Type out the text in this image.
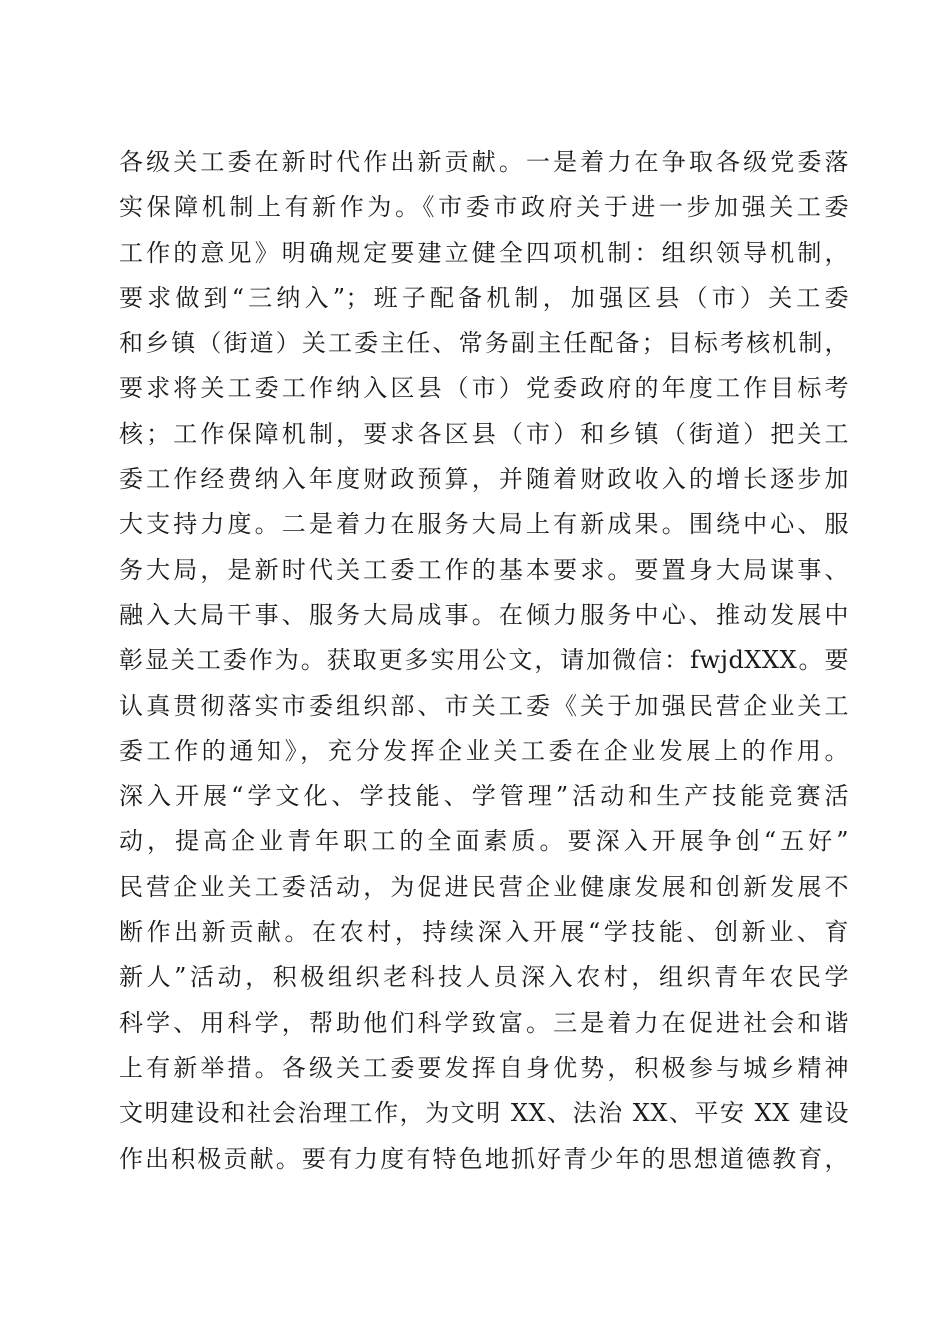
各级关工委在新时代作出新贡献。一是着力在争取各级党委落
实保障机制上有新作为。《市委市政府关于进一步加强关工委
工作的意见》明确规定要建立健全四项机制：组织领导机制，
要求做到“三纳入”；班子配备机制，加强区县（市）关工委
和乡镇（街道）关工委主任、常务副主任配备；目标考核机制，
要求将关工委工作纳入区县（市）党委政府的年度工作目标考
核；工作保障机制，要求各区县（市）和乡镇（街道）把关工
委工作经费纳入年度财政预算，并随着财政收入的增长逐步加
大支持力度。二是着力在服务大局上有新成果。围绕中心、服
务大局，是新时代关工委工作的基本要求。要置身大局谋事、
融入大局干事、服务大局成事。在倾力服务中心、推动发展中
彰显关工委作为。获取更多实用公文，请加微信：fwjdXXX。要
认真贯彻落实市委组织部、市关工委《关于加强民营企业关工
委工作的通知》，充分发挥企业关工委在企业发展上的作用。
深入开展“学文化、学技能、学管理”活动和生产技能竞赛活
动，提高企业青年职工的全面素质。要深入开展争创“五好”
民营企业关工委活动，为促进民营企业健康发展和创新发展不
断作出新贡献。在农村，持续深入开展“学技能、创新业、育
新人”活动，积极组织老科技人员深入农村，组织青年农民学
科学、用科学，帮助他们科学致富。三是着力在促进社会和谐
上有新举措。各级关工委要发挥自身优势，积极参与城乡精神
文明建设和社会治理工作，为文明 XX、法治 XX、平安 XX 建设
作出积极贡献。要有力度有特色地抓好青少年的思想道德教育，
